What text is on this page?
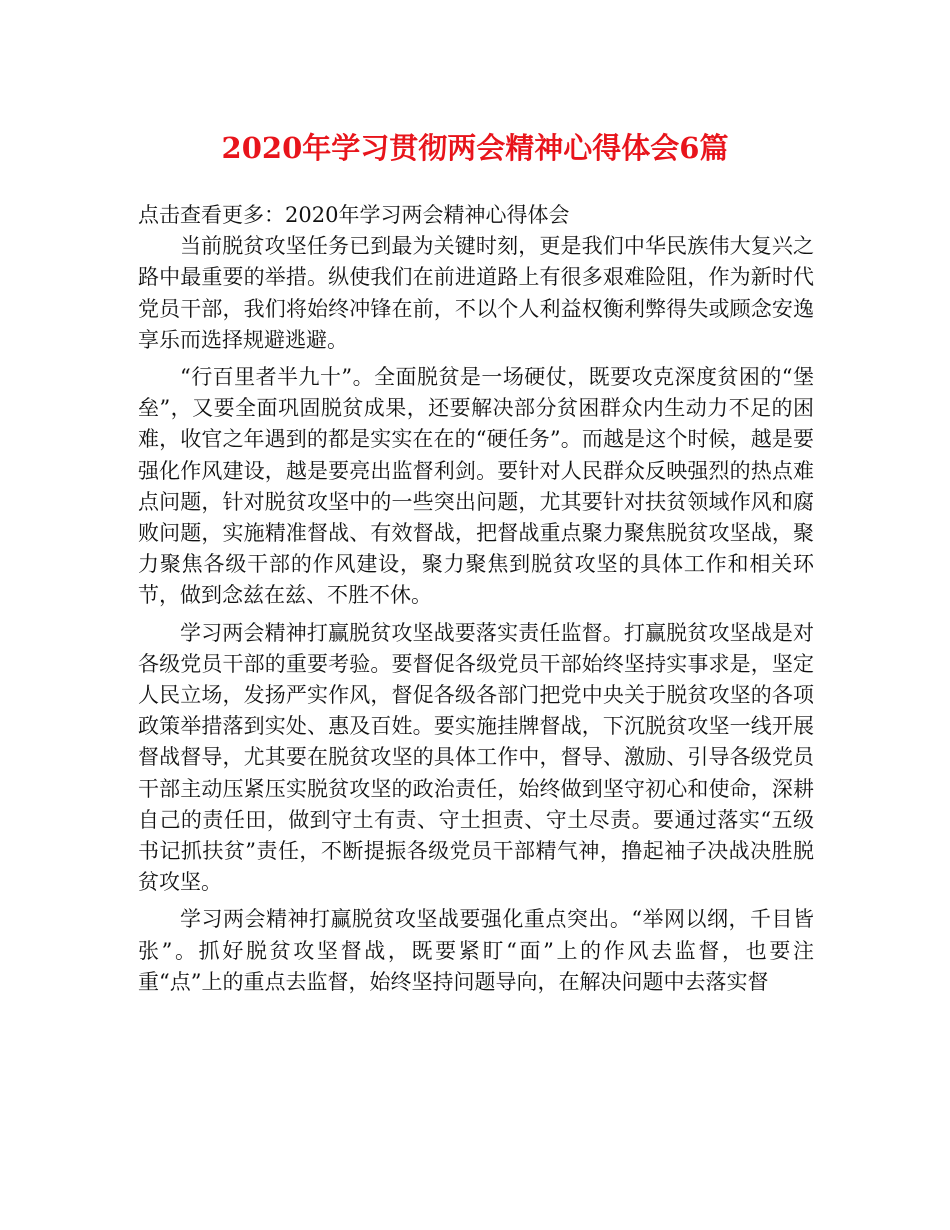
2020年学习贯彻两会精神心得体会6篇

点击查看更多：2020年学习两会精神心得体会

当前脱贫攻坚任务已到最为关键时刻，更是我们中华民族伟大复兴之路中最重要的举措。纵使我们在前进道路上有很多艰难险阻，作为新时代党员干部，我们将始终冲锋在前，不以个人利益权衡利弊得失或顾念安逸享乐而选择规避逃避。

“行百里者半九十”。全面脱贫是一场硬仗，既要攻克深度贫困的“堡垒”，又要全面巩固脱贫成果，还要解决部分贫困群众内生动力不足的困难，收官之年遇到的都是实实在在的“硬任务”。而越是这个时候，越是要强化作风建设，越是要亮出监督利剑。要针对人民群众反映强烈的热点难点问题，针对脱贫攻坚中的一些突出问题，尤其要针对扶贫领域作风和腐败问题，实施精准督战、有效督战，把督战重点聚力聚焦脱贫攻坚战，聚力聚焦各级干部的作风建设，聚力聚焦到脱贫攻坚的具体工作和相关环节，做到念兹在兹、不胜不休。

学习两会精神打赢脱贫攻坚战要落实责任监督。打赢脱贫攻坚战是对各级党员干部的重要考验。要督促各级党员干部始终坚持实事求是，坚定人民立场，发扬严实作风，督促各级各部门把党中央关于脱贫攻坚的各项政策举措落到实处、惠及百姓。要实施挂牌督战，下沉脱贫攻坚一线开展督战督导，尤其要在脱贫攻坚的具体工作中，督导、激励、引导各级党员干部主动压紧压实脱贫攻坚的政治责任，始终做到坚守初心和使命，深耕自己的责任田，做到守土有责、守土担责、守土尽责。要通过落实“五级书记抓扶贫”责任，不断提振各级党员干部精气神，撸起袖子决战决胜脱贫攻坚。

学习两会精神打赢脱贫攻坚战要强化重点突出。“举网以纲，千目皆张”。抓好脱贫攻坚督战，既要紧盯“面”上的作风去监督，也要注重“点”上的重点去监督，始终坚持问题导向，在解决问题中去落实督
